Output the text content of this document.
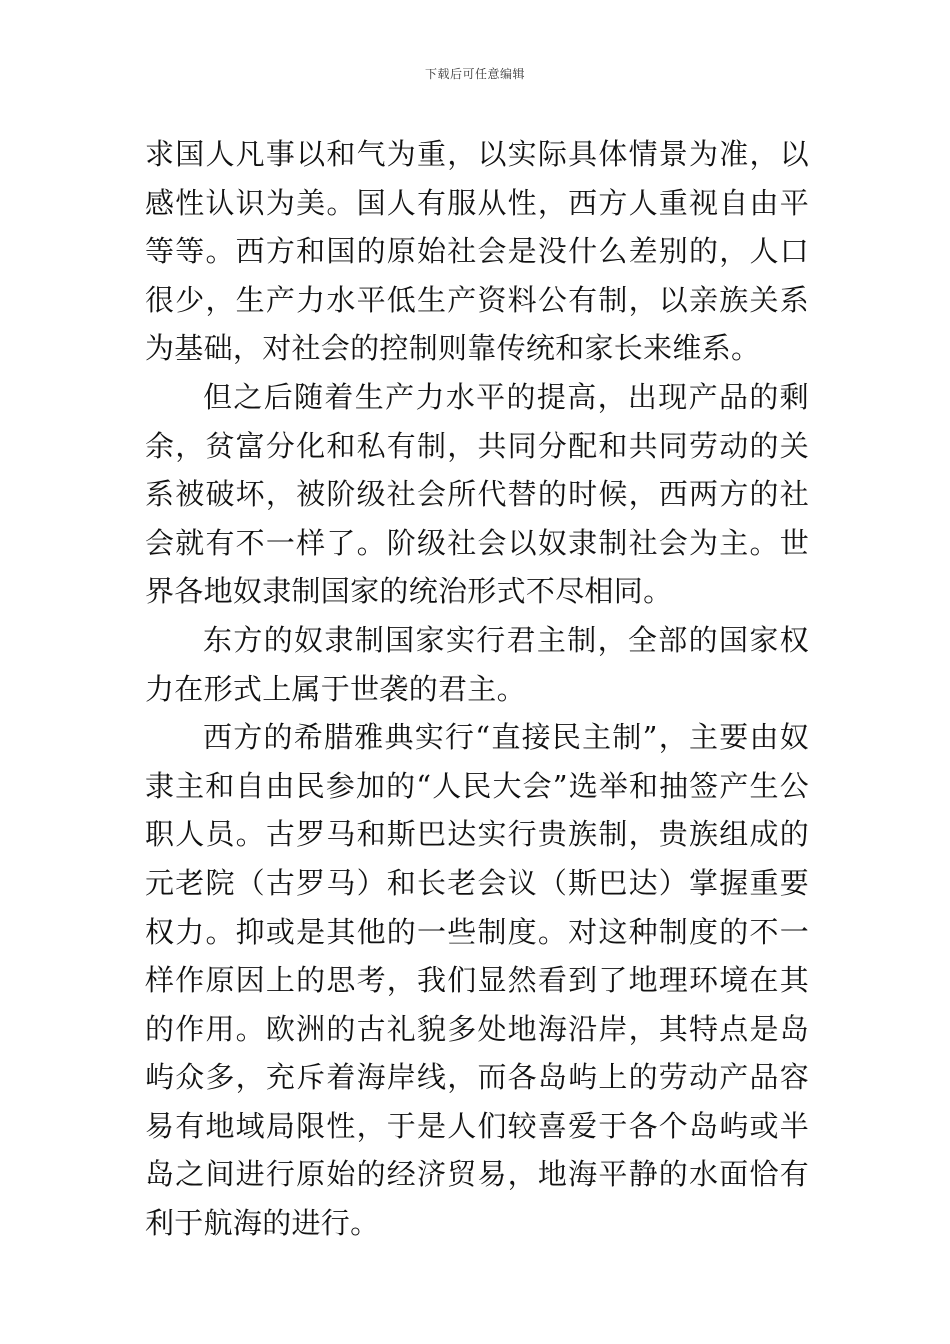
下载后可任意编辑

求国人凡事以和气为重，以实际具体情景为准，以感性认识为美。国人有服从性，西方人重视自由平等等。西方和国的原始社会是没什么差别的，人口很少，生产力水平低生产资料公有制，以亲族关系为基础，对社会的控制则靠传统和家长来维系。

但之后随着生产力水平的提高，出现产品的剩余，贫富分化和私有制，共同分配和共同劳动的关系被破坏，被阶级社会所代替的时候，西两方的社会就有不一样了。阶级社会以奴隶制社会为主。世界各地奴隶制国家的统治形式不尽相同。

东方的奴隶制国家实行君主制，全部的国家权力在形式上属于世袭的君主。

西方的希腊雅典实行“直接民主制”，主要由奴隶主和自由民参加的“人民大会”选举和抽签产生公职人员。古罗马和斯巴达实行贵族制，贵族组成的元老院（古罗马）和长老会议（斯巴达）掌握重要权力。抑或是其他的一些制度。对这种制度的不一样作原因上的思考，我们显然看到了地理环境在其的作用。欧洲的古礼貌多处地海沿岸，其特点是岛屿众多，充斥着海岸线，而各岛屿上的劳动产品容易有地域局限性，于是人们较喜爱于各个岛屿或半岛之间进行原始的经济贸易，地海平静的水面恰有利于航海的进行。
